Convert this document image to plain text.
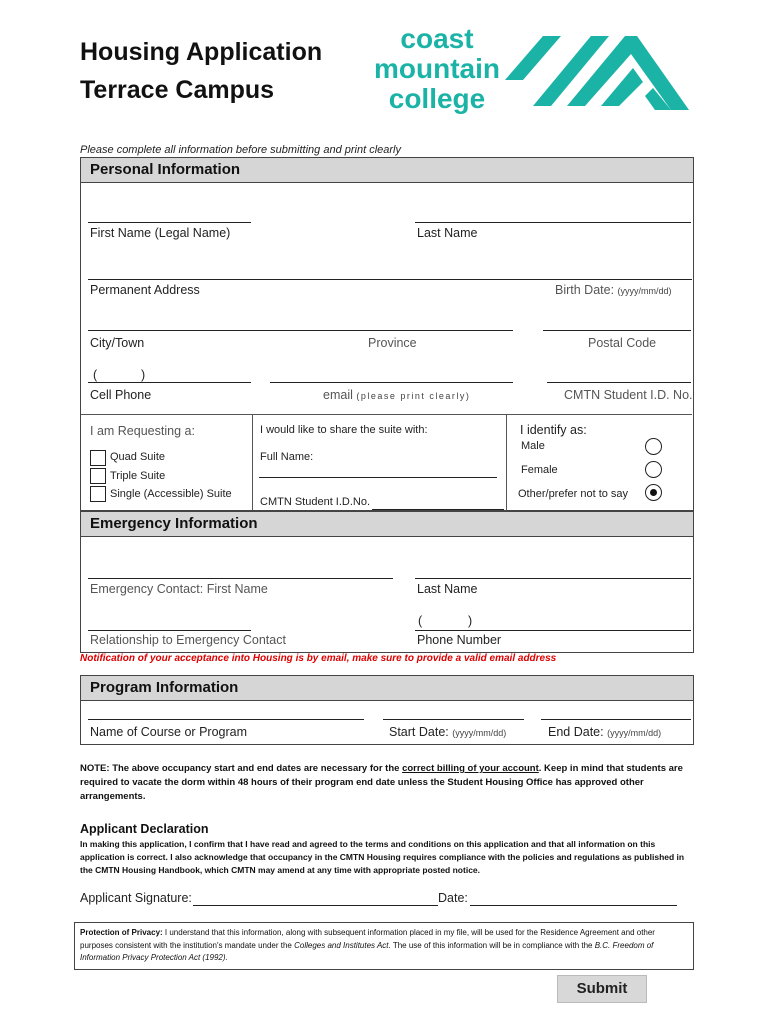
Housing Application
Terrace Campus
coast
mountain
college
Please complete all information before submitting and print clearly
Personal Information
First Name (Legal Name)	Last Name
Permanent Address	Birth Date: (yyyy/mm/dd)
City/Town	Province	Postal Code
(	)
Cell Phone	email (please print clearly)	CMTN Student I.D. No.
I am Requesting a:
Quad Suite
Triple Suite
Single (Accessible) Suite
I would like to share the suite with:
Full Name:
CMTN Student I.D.No.
I identify as:
Male
Female
Other/prefer not to say
Emergency Information
Emergency Contact: First Name	Last Name
(	)
Relationship to Emergency Contact	Phone Number
Notification of your acceptance into Housing is by email, make sure to provide a valid email address
Program Information
Name of Course or Program	Start Date: (yyyy/mm/dd)	End Date: (yyyy/mm/dd)
NOTE: The above occupancy start and end dates are necessary for the correct billing of your account. Keep in mind that students are required to vacate the dorm within 48 hours of their program end date unless the Student Housing Office has approved other arrangements.
Applicant Declaration
In making this application, I confirm that I have read and agreed to the terms and conditions on this application and that all information on this application is correct. I also acknowledge that occupancy in the CMTN Housing requires compliance with the policies and regulations as published in the CMTN Housing Handbook, which CMTN may amend at any time with appropriate posted notice.
Applicant Signature:	Date:
Protection of Privacy: I understand that this information, along with subsequent information placed in my file, will be used for the Residence Agreement and other purposes consistent with the institution's mandate under the Colleges and Institutes Act. The use of this information will be in compliance with the B.C. Freedom of Information Privacy Protection Act (1992).
Submit
